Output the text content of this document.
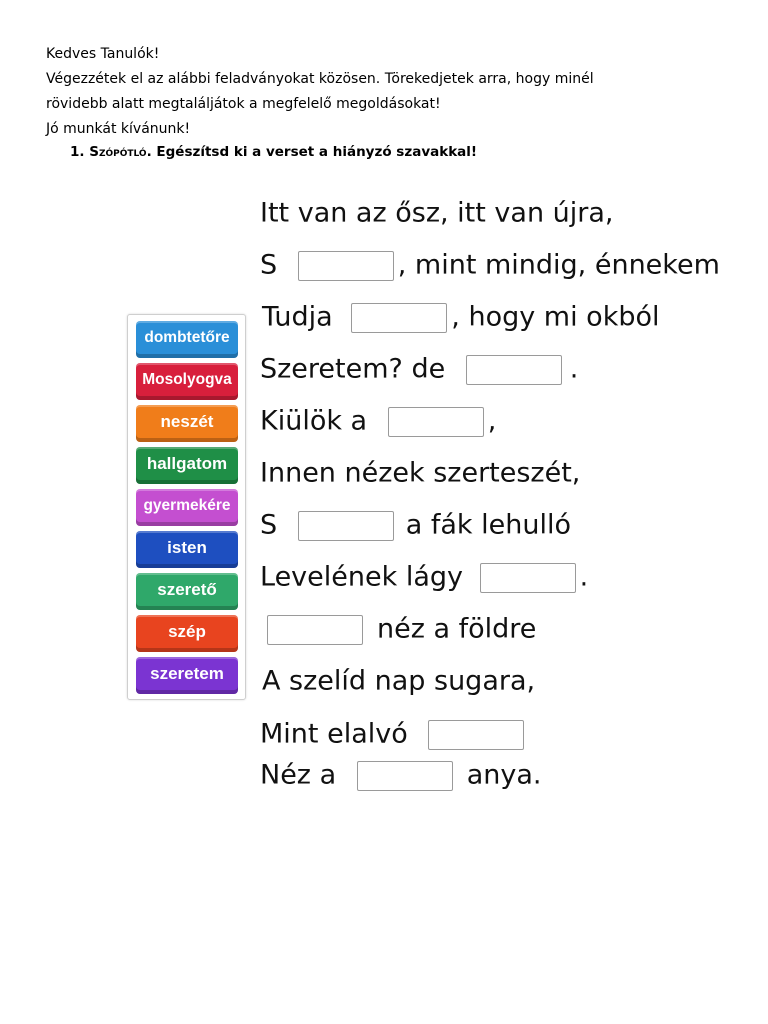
Kedves Tanulók!

Végezzétek el az alábbi feladványokat közösen. Törekedjetek arra, hogy minél

rövidebb alatt megtaláljátok a megfelelő megoldásokat!

Jó munkát kívánunk!

1. Szópótló. Egészítsd ki a verset a hiányzó szavakkal!
dombtetőre
Mosolyogva
neszét
hallgatom
gyermekére
isten
szerető
szép
szeretem
Itt van az ősz, itt van újra,
S	, mint mindig, énnekem
Tudja	, hogy mi okból
Szeretem? de	.
Kiülök a	,
Innen nézek szerteszét,
S	a fák lehulló
Levelének lágy	.
néz a földre
A szelíd nap sugara,
Mint elalvó
Néz a	anya.
